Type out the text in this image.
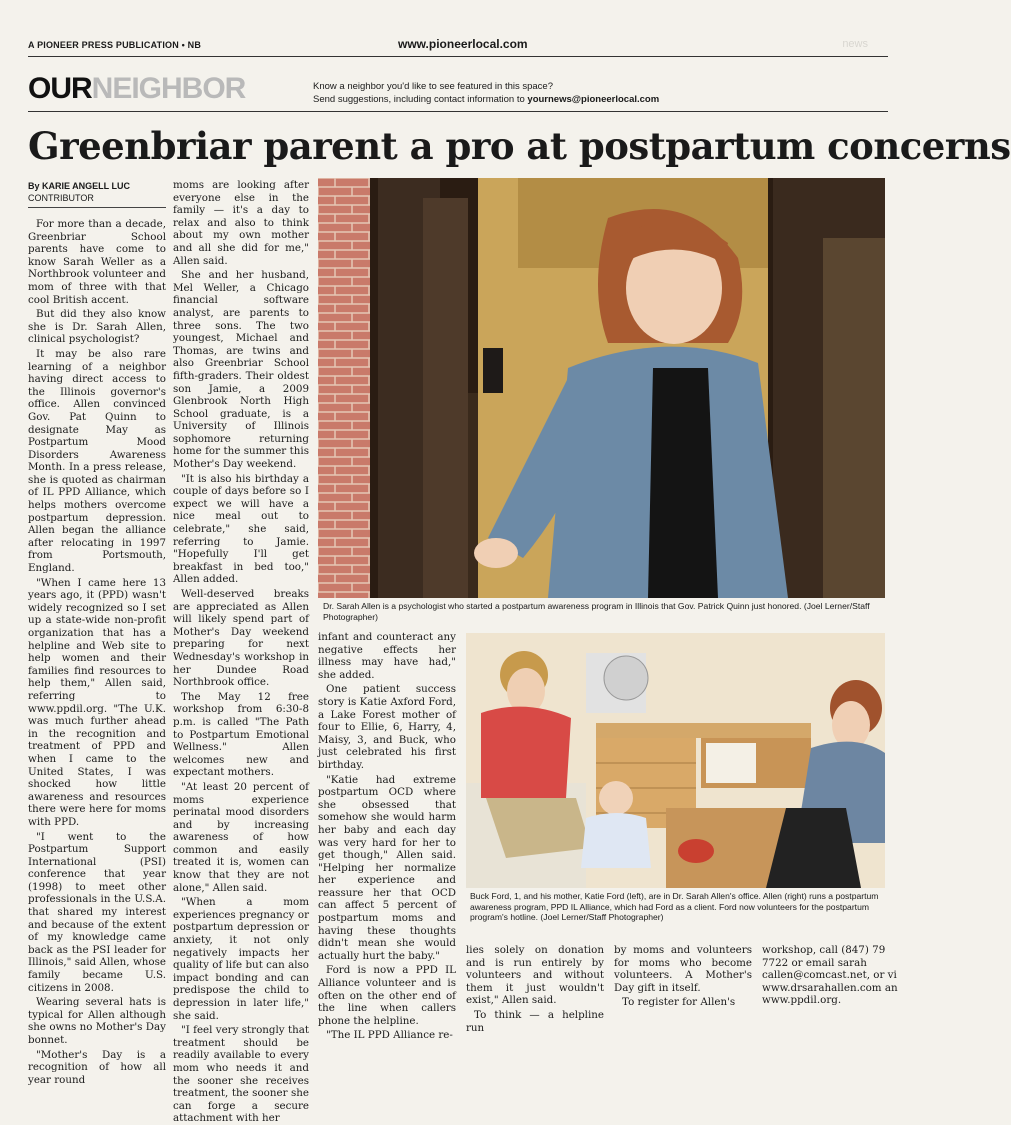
A PIONEER PRESS PUBLICATION • NB	www.pioneerlocal.com	news
OURNEIGHBOR	Know a neighbor you'd like to see featured in this space?
Send suggestions, including contact information to yournews@pioneerlocal.com
Greenbriar parent a pro at postpartum concerns
By KARIE ANGELL LUC
CONTRIBUTOR

For more than a decade, Greenbriar School parents have come to know Sarah Weller as a Northbrook volunteer and mom of three with that cool British accent.

But did they also know she is Dr. Sarah Allen, clinical psychologist?

It may be also rare learning of a neighbor having direct access to the Illinois governor's office. Allen convinced Gov. Pat Quinn to designate May as Postpartum Mood Disorders Awareness Month. In a press release, she is quoted as chairman of IL PPD Alliance, which helps mothers overcome postpartum depression. Allen began the alliance after relocating in 1997 from Portsmouth, England.

"When I came here 13 years ago, it (PPD) wasn't widely recognized so I set up a state-wide non-profit organization that has a helpline and Web site to help women and their families find resources to help them," Allen said, referring to www.ppdil.org. "The U.K. was much further ahead in the recognition and treatment of PPD and when I came to the United States, I was shocked how little awareness and resources there were here for moms with PPD.

"I went to the Postpartum Support International (PSI) conference that year (1998) to meet other professionals in the U.S.A. that shared my interest and because of the extent of my knowledge came back as the PSI leader for Illinois," said Allen, whose family became U.S. citizens in 2008.

Wearing several hats is typical for Allen although she owns no Mother's Day bonnet.

"Mother's Day is a recognition of how all year round

moms are looking after everyone else in the family — it's a day to relax and also to think about my own mother and all she did for me," Allen said.

She and her husband, Mel Weller, a Chicago financial software analyst, are parents to three sons. The two youngest, Michael and Thomas, are twins and also Greenbriar School fifth-graders. Their oldest son Jamie, a 2009 Glenbrook North High School graduate, is a University of Illinois sophomore returning home for the summer this Mother's Day weekend.

"It is also his birthday a couple of days before so I expect we will have a nice meal out to celebrate," she said, referring to Jamie. "Hopefully I'll get breakfast in bed too," Allen added.

Well-deserved breaks are appreciated as Allen will likely spend part of Mother's Day weekend preparing for next Wednesday's workshop in her Dundee Road Northbrook office.

The May 12 free workshop from 6:30-8 p.m. is called "The Path to Postpartum Emotional Wellness." Allen welcomes new and expectant mothers.

"At least 20 percent of moms experience perinatal mood disorders and by increasing awareness of how common and easily treated it is, women can know that they are not alone," Allen said.

"When a mom experiences pregnancy or postpartum depression or anxiety, it not only negatively impacts her quality of life but can also impact bonding and can predispose the child to depression in later life," she said.

"I feel very strongly that treatment should be readily available to every mom who needs it and the sooner she receives treatment, the sooner she can forge a secure attachment with her

Dr. Sarah Allen is a psychologist who started a postpartum awareness program in Illinois that Gov. Patrick Quinn just honored. (Joel Lerner/Staff Photographer)

infant and counteract any negative effects her illness may have had," she added.

One patient success story is Katie Axford Ford, a Lake Forest mother of four to Ellie, 6, Harry, 4, Maisy, 3, and Buck, who just celebrated his first birthday.

"Katie had extreme postpartum OCD where she obsessed that somehow she would harm her baby and each day was very hard for her to get though," Allen said. "Helping her normalize her experience and reassure her that OCD can affect 5 percent of postpartum moms and having these thoughts didn't mean she would actually hurt the baby."

Ford is now a PPD IL Alliance volunteer and is often on the other end of the line when callers phone the helpline.

"The IL PPD Alliance re-

Buck Ford, 1, and his mother, Katie Ford (left), are in Dr. Sarah Allen's office. Allen (right) runs a postpartum awareness program, PPD IL Alliance, which had Ford as a client. Ford now volunteers for the postpartum program's hotline. (Joel Lerner/Staff Photographer)

lies solely on donation and is run entirely by volunteers and without them it just wouldn't exist," Allen said.

To think — a helpline run

by moms and volunteers for moms who become volunteers. A Mother's Day gift in itself.

To register for Allen's

workshop, call (847) 79
7722 or email sarah
callen@comcast.net, or vi
www.drsarahallen.com an
www.ppdil.org.
